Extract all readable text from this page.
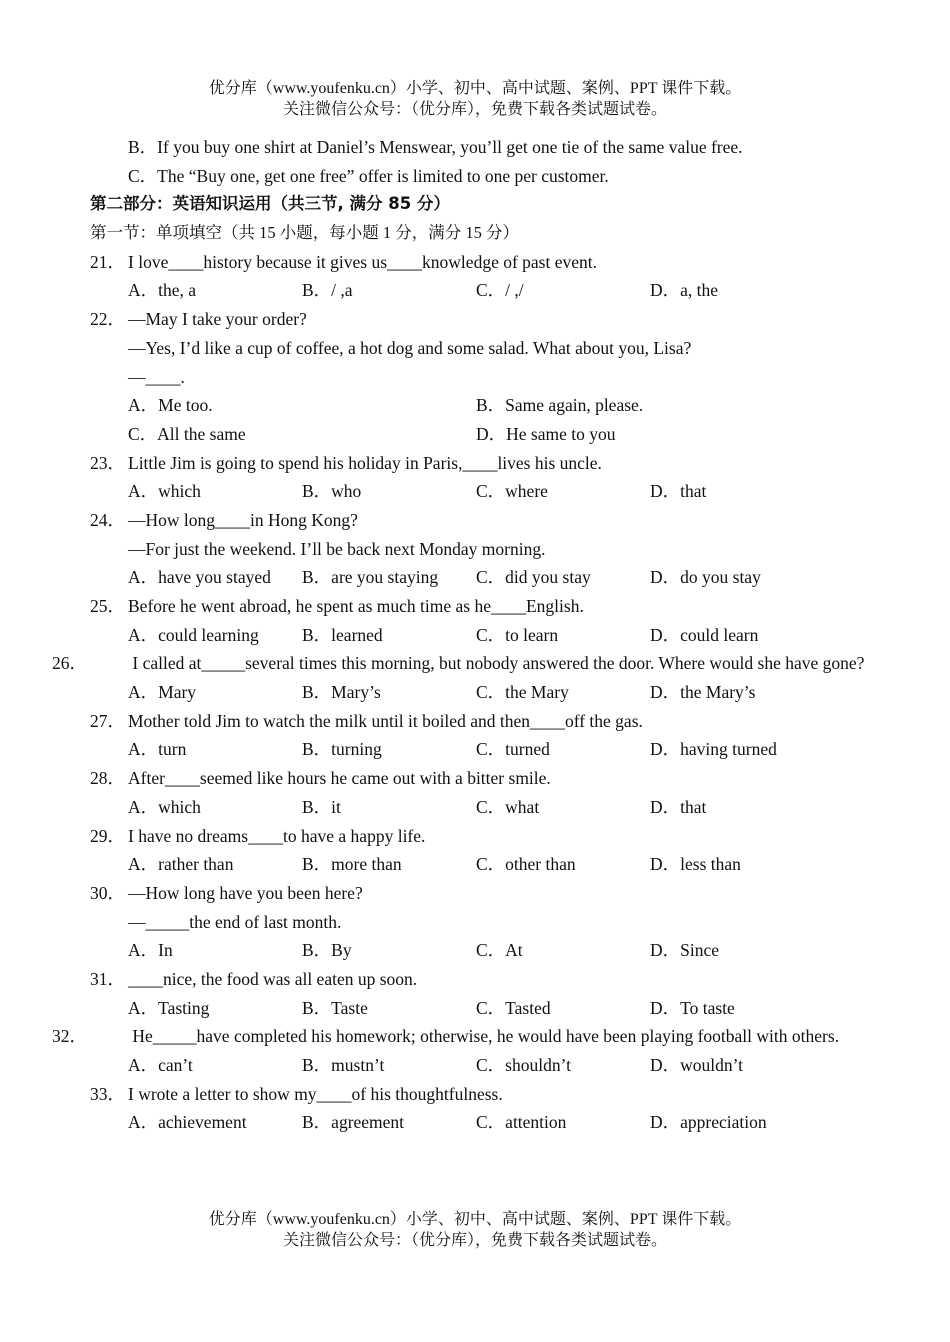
优分库（www.youfenku.cn）小学、初中、高中试题、案例、PPT 课件下载。
关注微信公众号：（优分库），免费下载各类试题试卷。
B．If you buy one shirt at Daniel’s Menswear, you’ll get one tie of the same value free.
C．The “Buy one, get one free” offer is limited to one per customer.
第二部分：英语知识运用（共三节, 满分 85 分）
第一节：单项填空（共 15 小题，每小题 1 分，满分 15 分）
21． I love____history because it gives us____knowledge of past event.
A．the, a	B．/ ,a	C．/ ,/	D．a, the
22． —May I take your order?
—Yes, I’d like a cup of coffee, a hot dog and some salad. What about you, Lisa?
—____.
A．Me too.	B．Same again, please.
C．All the same	D．He same to you
23． Little Jim is going to spend his holiday in Paris,____lives his uncle.
A．which	B．who	C．where	D．that
24． —How long____in Hong Kong?
—For just the weekend. I’ll be back next Monday morning.
A．have you stayed B．are you staying C．did you stay	D．do you stay
25． Before he went abroad, he spent as much time as he____English.
A．could learning B．learned	C．to learn	D．could learn
26． I called at_____several times this morning, but nobody answered the door. Where would she have gone?
A．Mary	B．Mary’s	C．the Mary	D．the Mary’s
27． Mother told Jim to watch the milk until it boiled and then____off the gas.
A．turn	B．turning	C．turned	D．having turned
28． After____seemed like hours he came out with a bitter smile.
A．which	B．it	C．what	D．that
29． I have no dreams____to have a happy life.
A．rather than	B．more than	C．other than	D．less than
30． —How long have you been here?
—_____the end of last month.
A．In	B．By	C．At	D．Since
31． ____nice, the food was all eaten up soon.
A．Tasting	B．Taste	C．Tasted	D．To taste
32． He_____have completed his homework; otherwise, he would have been playing football with others.
A．can’t	B．mustn’t	C．shouldn’t	D．wouldn’t
33． I wrote a letter to show my____of his thoughtfulness.
A．achievement	B．agreement	C．attention	D．appreciation
优分库（www.youfenku.cn）小学、初中、高中试题、案例、PPT 课件下载。
关注微信公众号：（优分库），免费下载各类试题试卷。
